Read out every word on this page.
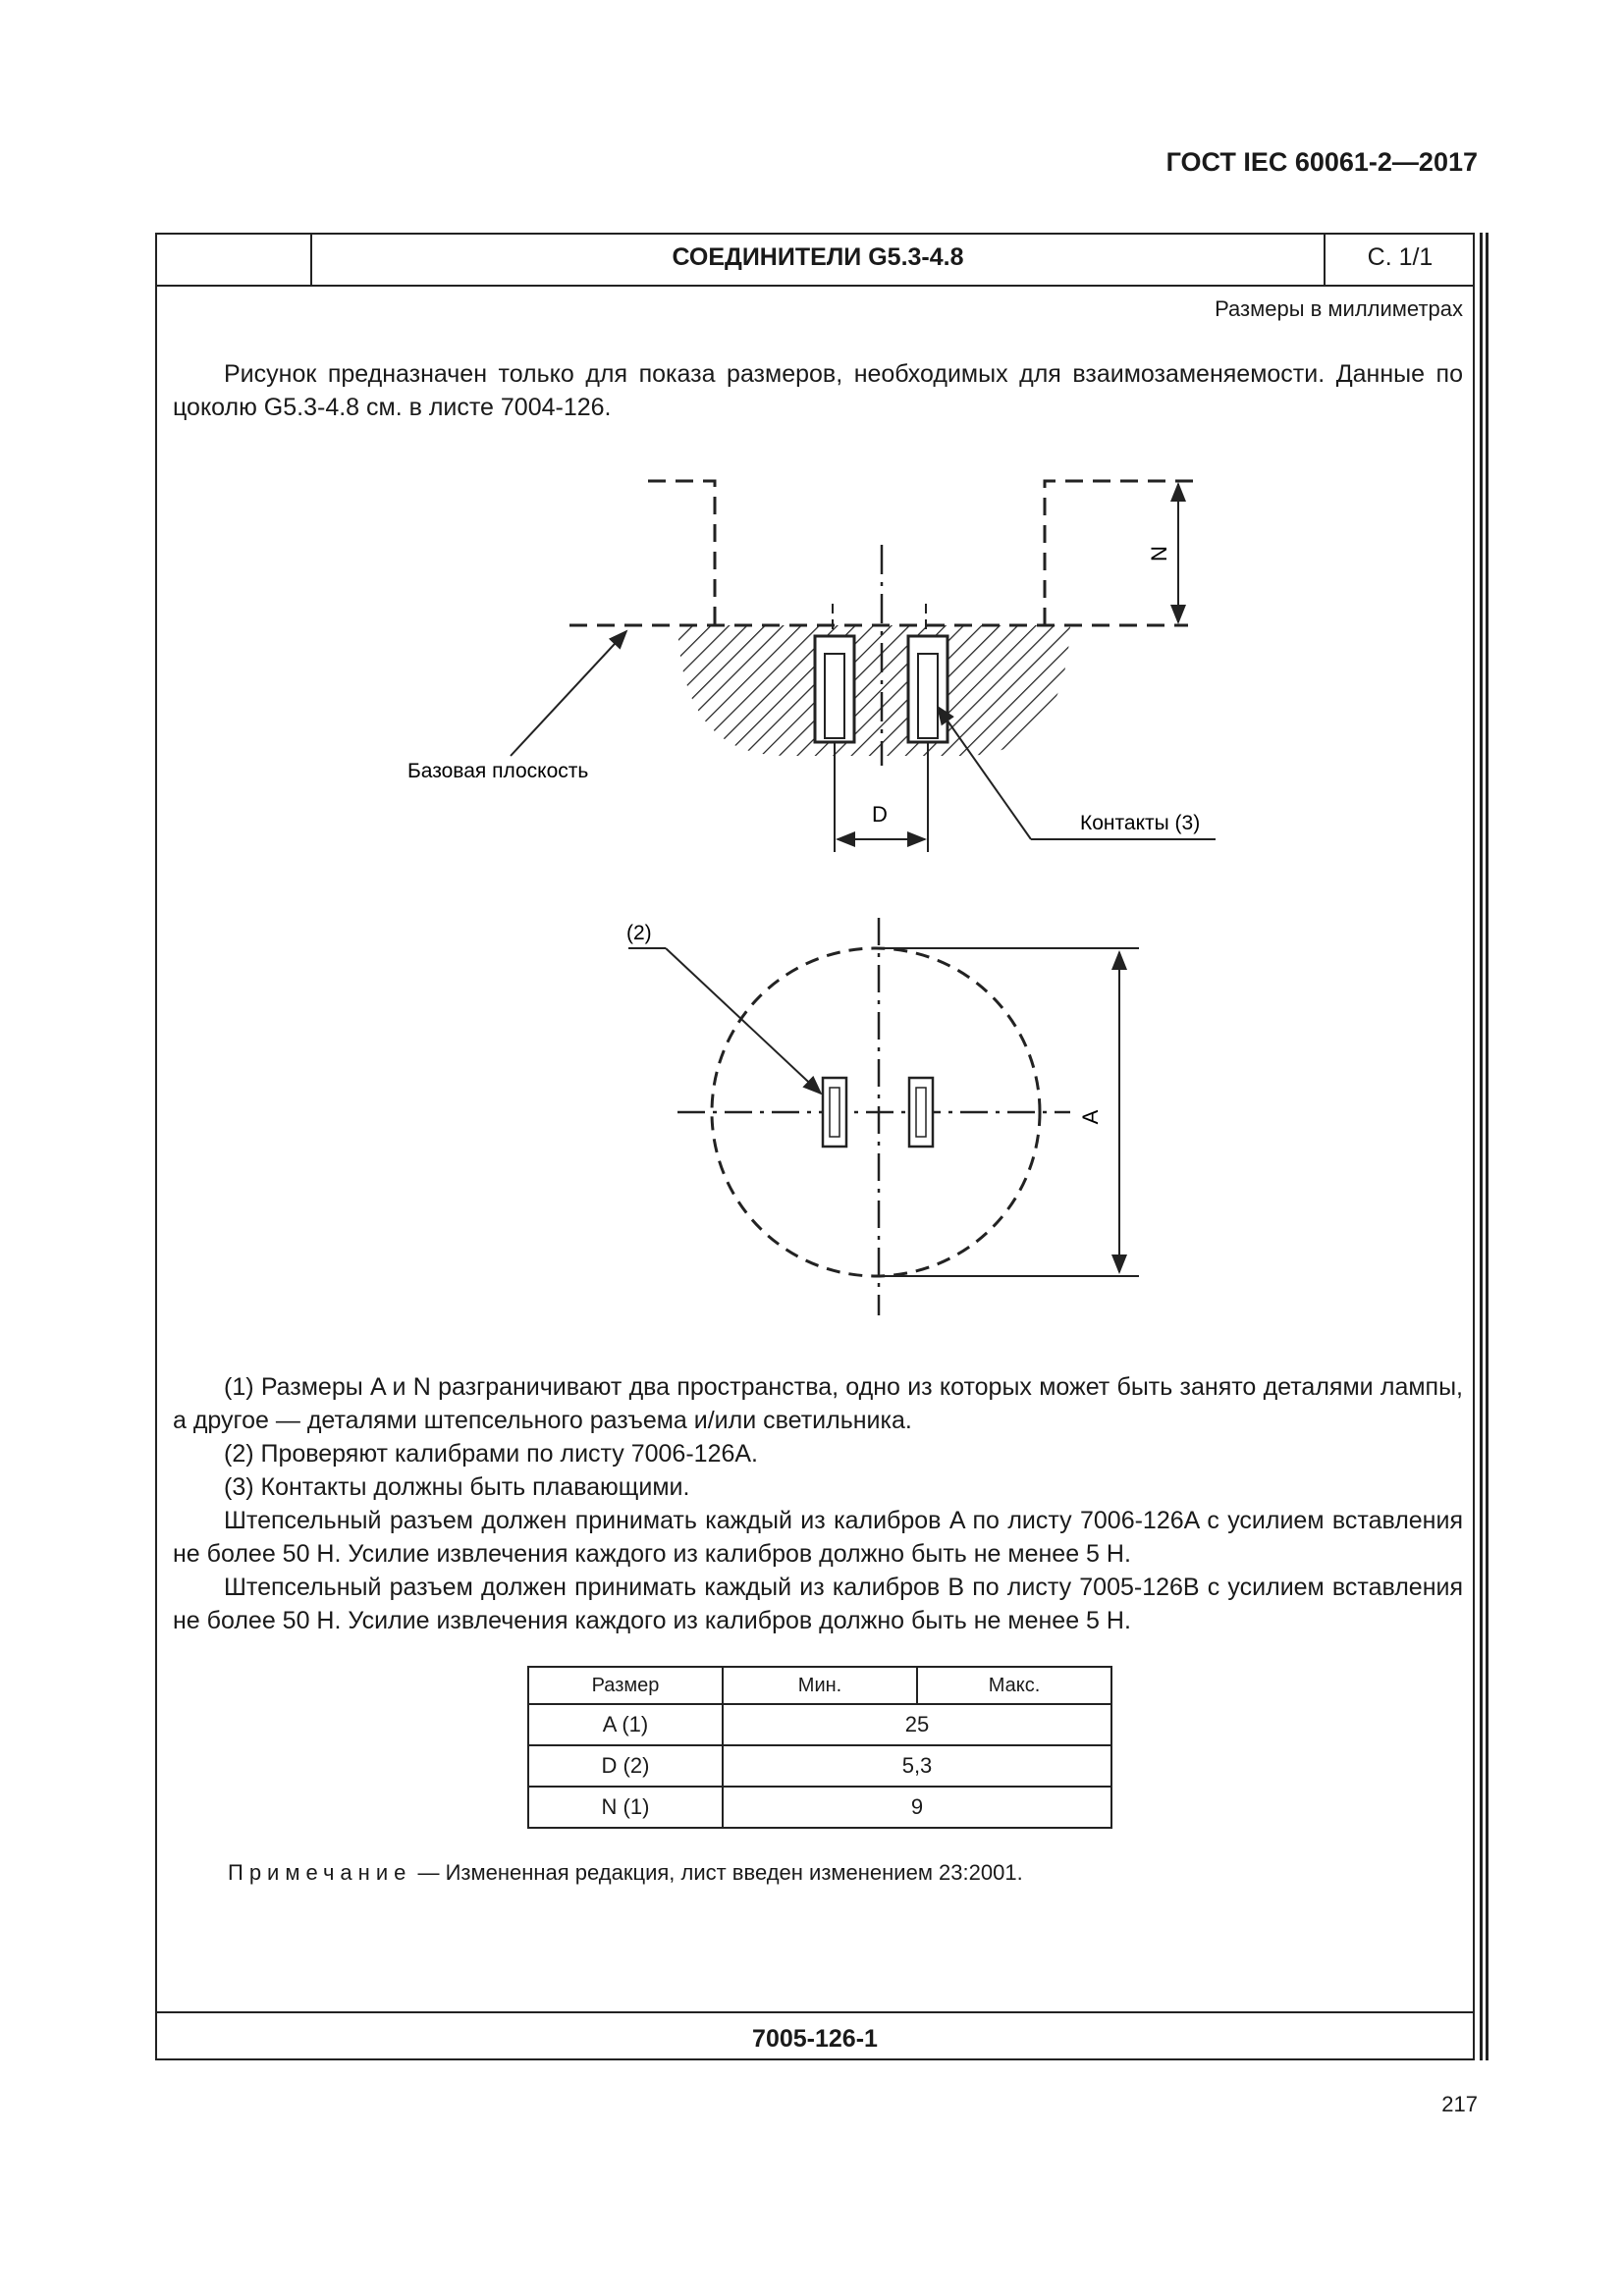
ГОСТ IEC 60061-2—2017
СОЕДИНИТЕЛИ G5.3-4.8	С. 1/1
Размеры в миллиметрах
Рисунок предназначен только для показа размеров, необходимых для взаимозаменяемости. Данные по цоколю G5.3-4.8 см. в листе 7004-126.
N
Базовая плоскость
D	Контакты (3)
A
(2)

(1) Размеры A и N разграничивают два пространства, одно из которых может быть занято деталями лампы, а другое — деталями штепсельного разъема и/или светильника.

(2) Проверяют калибрами по листу 7006-126A.

(3) Контакты должны быть плавающими.

Штепсельный разъем должен принимать каждый из калибров A по листу 7006-126A с усилием вставления не более 50 Н. Усилие извлечения каждого из калибров должно быть не менее 5 Н.

Штепсельный разъем должен принимать каждый из калибров B по листу 7005-126B с усилием вставления не более 50 Н. Усилие извлечения каждого из калибров должно быть не менее 5 Н.

Размер	Мин.	Макс.
A (1)	25	
D (2)	5,3	
N (1)	9	
Примечание — Измененная редакция, лист введен изменением 23:2001.
7005-126-1
217
